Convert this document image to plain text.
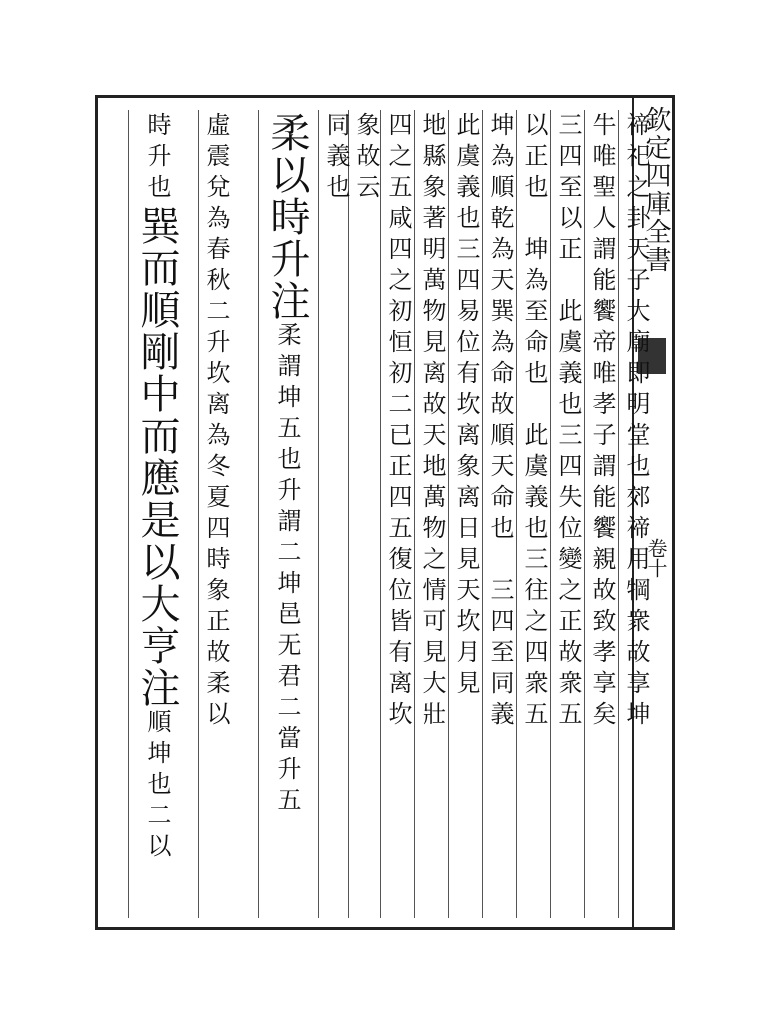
欽定四庫全書
卷十
禘祀之卦天子大廟即明堂也郊禘用犅衆故享坤
牛唯聖人謂能饗帝唯孝子謂能饗親故致孝享矣
三四至以正　此虞義也三四失位變之正故衆五
以正也　坤為至命也　此虞義也三往之四衆五
坤為順乾為天巽為命故順天命也　三四至同義
此虞義也三四易位有坎离象离日見天坎月見
地縣象著明萬物見离故天地萬物之情可見大壯
四之五咸四之初恒初二已正四五復位皆有离坎
象故云
同義也
柔以時升注柔謂坤五也升謂二坤邑无君二當升五
虛震兌為春秋二升坎离為冬夏四時象正故柔以
時升也巽而順剛中而應是以大亨注順坤也二以
